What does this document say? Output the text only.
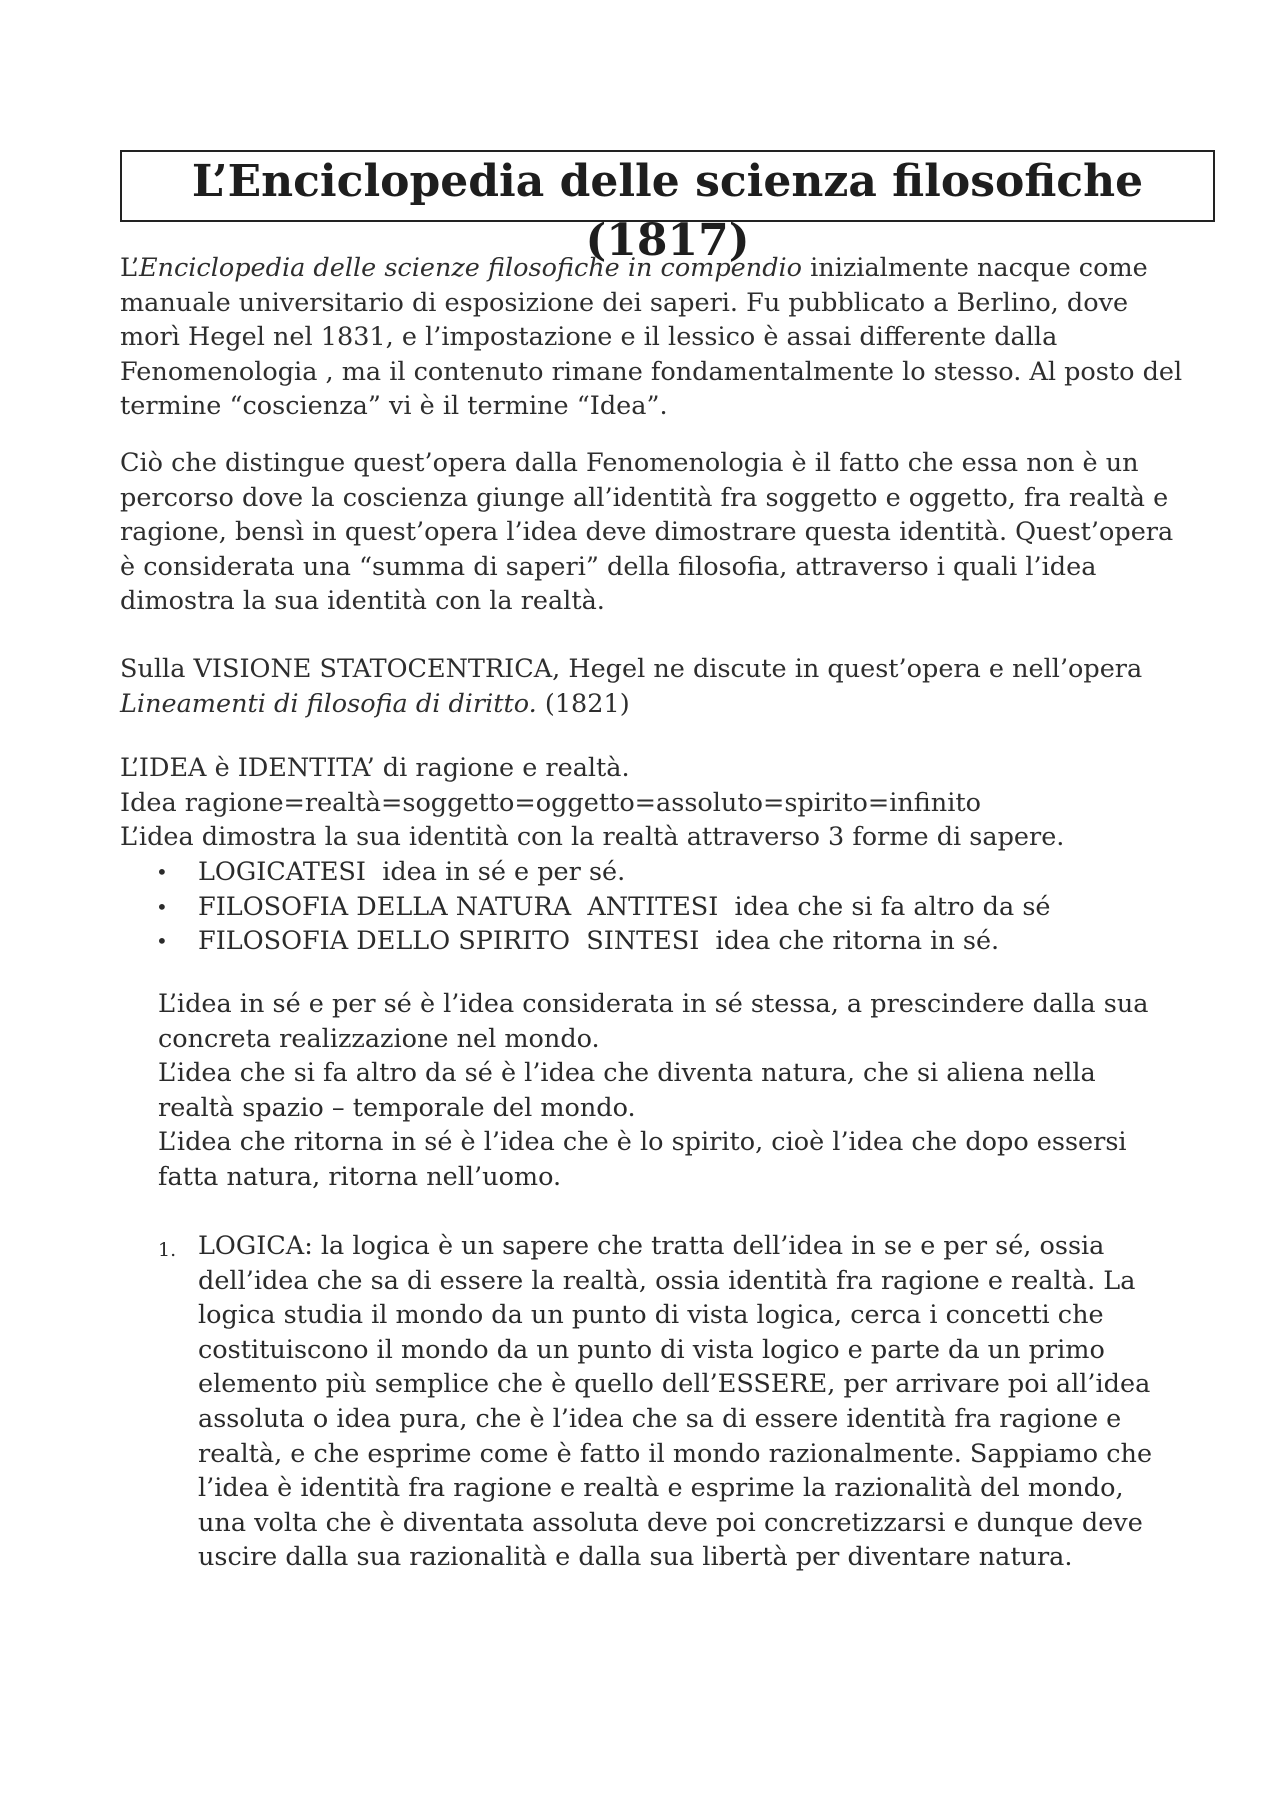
L’Enciclopedia delle scienza filosofiche (1817)

L’Enciclopedia delle scienze filosofiche in compendio inizialmente nacque come manuale universitario di esposizione dei saperi. Fu pubblicato a Berlino, dove morì Hegel nel 1831, e l’impostazione e il lessico è assai differente dalla Fenomenologia , ma il contenuto rimane fondamentalmente lo stesso. Al posto del termine “coscienza” vi è il termine “Idea”.

Ciò che distingue quest’opera dalla Fenomenologia è il fatto che essa non è un percorso dove la coscienza giunge all’identità fra soggetto e oggetto, fra realtà e ragione, bensì in quest’opera l’idea deve dimostrare questa identità. Quest’opera è considerata una “summa di saperi” della filosofia, attraverso i quali l’idea dimostra la sua identità con la realtà.

Sulla VISIONE STATOCENTRICA, Hegel ne discute in quest’opera e nell’opera Lineamenti di filosofia di diritto. (1821)

L’IDEA è IDENTITA’ di ragione e realtà.
Idea ragione=realtà=soggetto=oggetto=assoluto=spirito=infinito
L’idea dimostra la sua identità con la realtà attraverso 3 forme di sapere.

• LOGICATESI  idea in sé e per sé.
• FILOSOFIA DELLA NATURA  ANTITESI  idea che si fa altro da sé
• FILOSOFIA DELLO SPIRITO  SINTESI  idea che ritorna in sé.

L’idea in sé e per sé è l’idea considerata in sé stessa, a prescindere dalla sua concreta realizzazione nel mondo.
L’idea che si fa altro da sé è l’idea che diventa natura, che si aliena nella realtà spazio – temporale del mondo.
L’idea che ritorna in sé è l’idea che è lo spirito, cioè l’idea che dopo essersi fatta natura, ritorna nell’uomo.

1. LOGICA: la logica è un sapere che tratta dell’idea in se e per sé, ossia dell’idea che sa di essere la realtà, ossia identità fra ragione e realtà. La logica studia il mondo da un punto di vista logica, cerca i concetti che costituiscono il mondo da un punto di vista logico e parte da un primo elemento più semplice che è quello dell’ESSERE, per arrivare poi all’idea assoluta o idea pura, che è l’idea che sa di essere identità fra ragione e realtà, e che esprime come è fatto il mondo razionalmente. Sappiamo che l’idea è identità fra ragione e realtà e esprime la razionalità del mondo, una volta che è diventata assoluta deve poi concretizzarsi e dunque deve uscire dalla sua razionalità e dalla sua libertà per diventare natura.
